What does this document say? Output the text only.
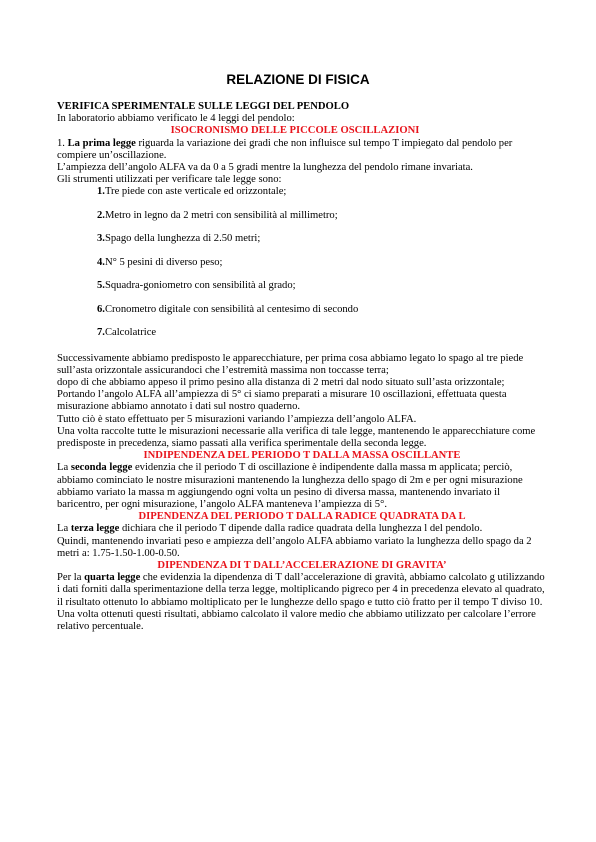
RELAZIONE DI FISICA

VERIFICA SPERIMENTALE SULLE LEGGI DEL PENDOLO

In laboratorio abbiamo verificato le 4 leggi del pendolo:

ISOCRONISMO DELLE PICCOLE OSCILLAZIONI

1. La prima legge riguarda la variazione dei gradi che non influisce sul tempo T impiegato dal pendolo per compiere un’oscillazione.

L’ampiezza dell’angolo ALFA va da 0 a 5 gradi mentre la lunghezza del pendolo rimane invariata.

Gli strumenti utilizzati per verificare tale legge sono:

1.Tre piede con aste verticale ed orizzontale;
2.Metro in legno da 2 metri con sensibilità al millimetro;
3.Spago della lunghezza di 2.50 metri;
4.N° 5 pesini di diverso peso;
5.Squadra-goniometro con sensibilità al grado;
6.Cronometro digitale con sensibilità al centesimo di secondo
7.Calcolatrice

Successivamente abbiamo predisposto le apparecchiature, per prima cosa abbiamo legato lo spago al tre piede sull’asta orizzontale assicurandoci che l’estremità massima non toccasse terra;

dopo di che abbiamo appeso il primo pesino alla distanza di 2 metri dal nodo situato sull’asta orizzontale;

Portando l’angolo ALFA all’ampiezza di 5° ci siamo preparati a misurare 10 oscillazioni, effettuata questa misurazione abbiamo annotato i dati sul nostro quaderno.

Tutto ciò è stato effettuato per 5 misurazioni variando l’ampiezza dell’angolo ALFA.

Una volta raccolte tutte le misurazioni necessarie alla verifica di tale legge, mantenendo le apparecchiature come predisposte in precedenza, siamo passati alla verifica sperimentale della seconda legge.

INDIPENDENZA DEL PERIODO T DALLA MASSA OSCILLANTE

La seconda legge evidenzia che il periodo T di oscillazione è indipendente dalla massa m applicata; perciò, abbiamo cominciato le nostre misurazioni mantenendo la lunghezza dello spago di 2m e per ogni misurazione abbiamo variato la massa m aggiungendo ogni volta un pesino di diversa massa, mantenendo invariato il baricentro, per ogni misurazione, l’angolo ALFA manteneva l’ampiezza di 5°.

DIPENDENZA DEL PERIODO T DALLA RADICE QUADRATA DA L

La terza legge dichiara che il periodo T dipende dalla radice quadrata della lunghezza l del pendolo.

Quindi, mantenendo invariati peso e ampiezza dell’angolo ALFA abbiamo variato la lunghezza dello spago da 2 metri a: 1.75-1.50-1.00-0.50.

DIPENDENZA DI T DALL’ACCELERAZIONE DI GRAVITA’

Per la quarta legge che evidenzia la dipendenza di T dall’accelerazione di gravità, abbiamo calcolato g utilizzando i dati forniti dalla sperimentazione della terza legge, moltiplicando pigreco per 4 in precedenza elevato al quadrato, il risultato ottenuto lo abbiamo moltiplicato per le lunghezze dello spago e tutto ciò fratto per il tempo T diviso 10.

Una volta ottenuti questi risultati, abbiamo calcolato il valore medio che abbiamo utilizzato per calcolare l’errore relativo percentuale.
